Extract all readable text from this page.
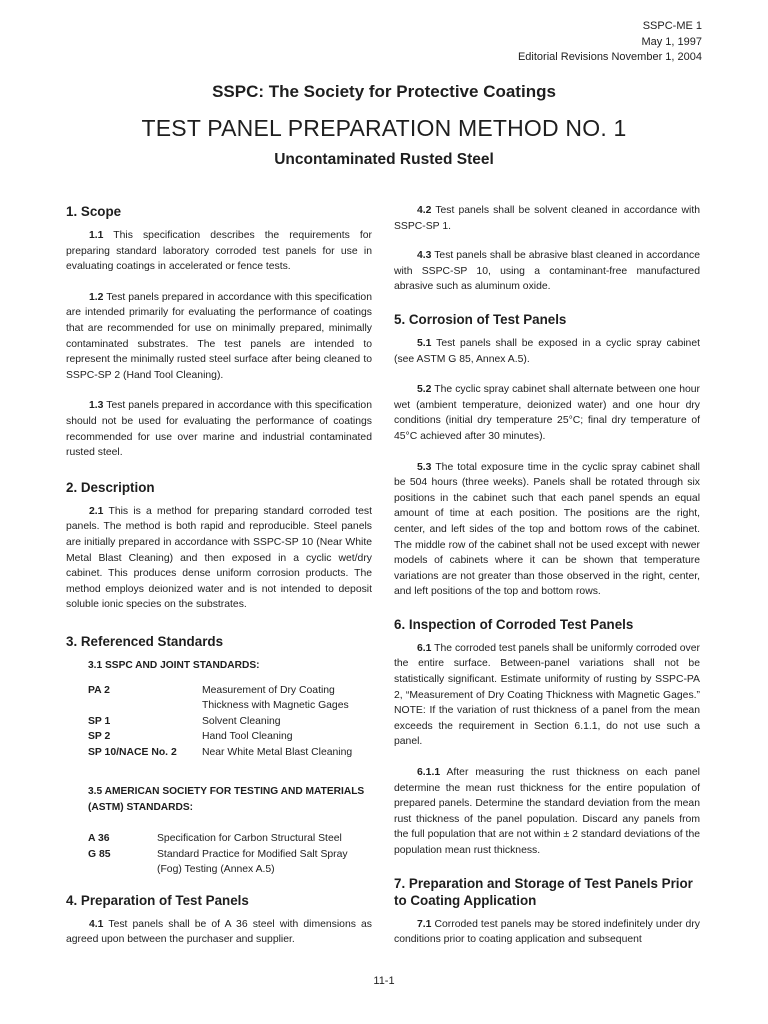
SSPC-ME 1
May 1, 1997
Editorial Revisions November 1, 2004
SSPC: The Society for Protective Coatings
TEST PANEL PREPARATION METHOD NO. 1
Uncontaminated Rusted Steel
1. Scope

1.1 This specification describes the requirements for preparing standard laboratory corroded test panels for use in evaluating coatings in accelerated or fence tests.

1.2 Test panels prepared in accordance with this specification are intended primarily for evaluating the performance of coatings that are recommended for use on minimally prepared, minimally contaminated substrates. The test panels are intended to represent the minimally rusted steel surface after being cleaned to SSPC-SP 2 (Hand Tool Cleaning).

1.3 Test panels prepared in accordance with this specification should not be used for evaluating the performance of coatings recommended for use over marine and industrial contaminated rusted steel.

2. Description

2.1 This is a method for preparing standard corroded test panels. The method is both rapid and reproducible. Steel panels are initially prepared in accordance with SSPC-SP 10 (Near White Metal Blast Cleaning) and then exposed in a cyclic wet/dry cabinet. This produces dense uniform corrosion products. The method employs deionized water and is not intended to deposit soluble ionic species on the substrates.

3. Referenced Standards
3.1 SSPC AND JOINT STANDARDS:
PA 2	Measurement of Dry Coating Thickness with Magnetic Gages
SP 1	Solvent Cleaning
SP 2	Hand Tool Cleaning
SP 10/NACE No. 2	Near White Metal Blast Cleaning
3.5 AMERICAN SOCIETY FOR TESTING AND MATERIALS (ASTM) STANDARDS:
A 36	Specification for Carbon Structural Steel
G 85	Standard Practice for Modified Salt Spray (Fog) Testing (Annex A.5)
4. Preparation of Test Panels

4.1 Test panels shall be of A 36 steel with dimensions as agreed upon between the purchaser and supplier.

4.2 Test panels shall be solvent cleaned in accordance with SSPC-SP 1.

4.3 Test panels shall be abrasive blast cleaned in accordance with SSPC-SP 10, using a contaminant-free manufactured abrasive such as aluminum oxide.

5. Corrosion of Test Panels

5.1 Test panels shall be exposed in a cyclic spray cabinet (see ASTM G 85, Annex A.5).

5.2 The cyclic spray cabinet shall alternate between one hour wet (ambient temperature, deionized water) and one hour dry conditions (initial dry temperature 25°C; final dry temperature of 45°C achieved after 30 minutes).

5.3 The total exposure time in the cyclic spray cabinet shall be 504 hours (three weeks). Panels shall be rotated through six positions in the cabinet such that each panel spends an equal amount of time at each position. The positions are the right, center, and left sides of the top and bottom rows of the cabinet. The middle row of the cabinet shall not be used except with newer models of cabinets where it can be shown that temperature variations are not greater than those observed in the right, center, and left positions of the top and bottom rows.

6. Inspection of Corroded Test Panels

6.1 The corroded test panels shall be uniformly corroded over the entire surface. Between-panel variations shall not be statistically significant. Estimate uniformity of rusting by SSPC-PA 2, “Measurement of Dry Coating Thickness with Magnetic Gages.” NOTE: If the variation of rust thickness of a panel from the mean exceeds the requirement in Section 6.1.1, do not use such a panel.

6.1.1 After measuring the rust thickness on each panel determine the mean rust thickness for the entire population of prepared panels. Determine the standard deviation from the mean rust thickness of the panel population. Discard any panels from the full population that are not within ± 2 standard deviations of the population mean rust thickness.

7. Preparation and Storage of Test Panels Prior to Coating Application

7.1 Corroded test panels may be stored indefinitely under dry conditions prior to coating application and subsequent

11-1
